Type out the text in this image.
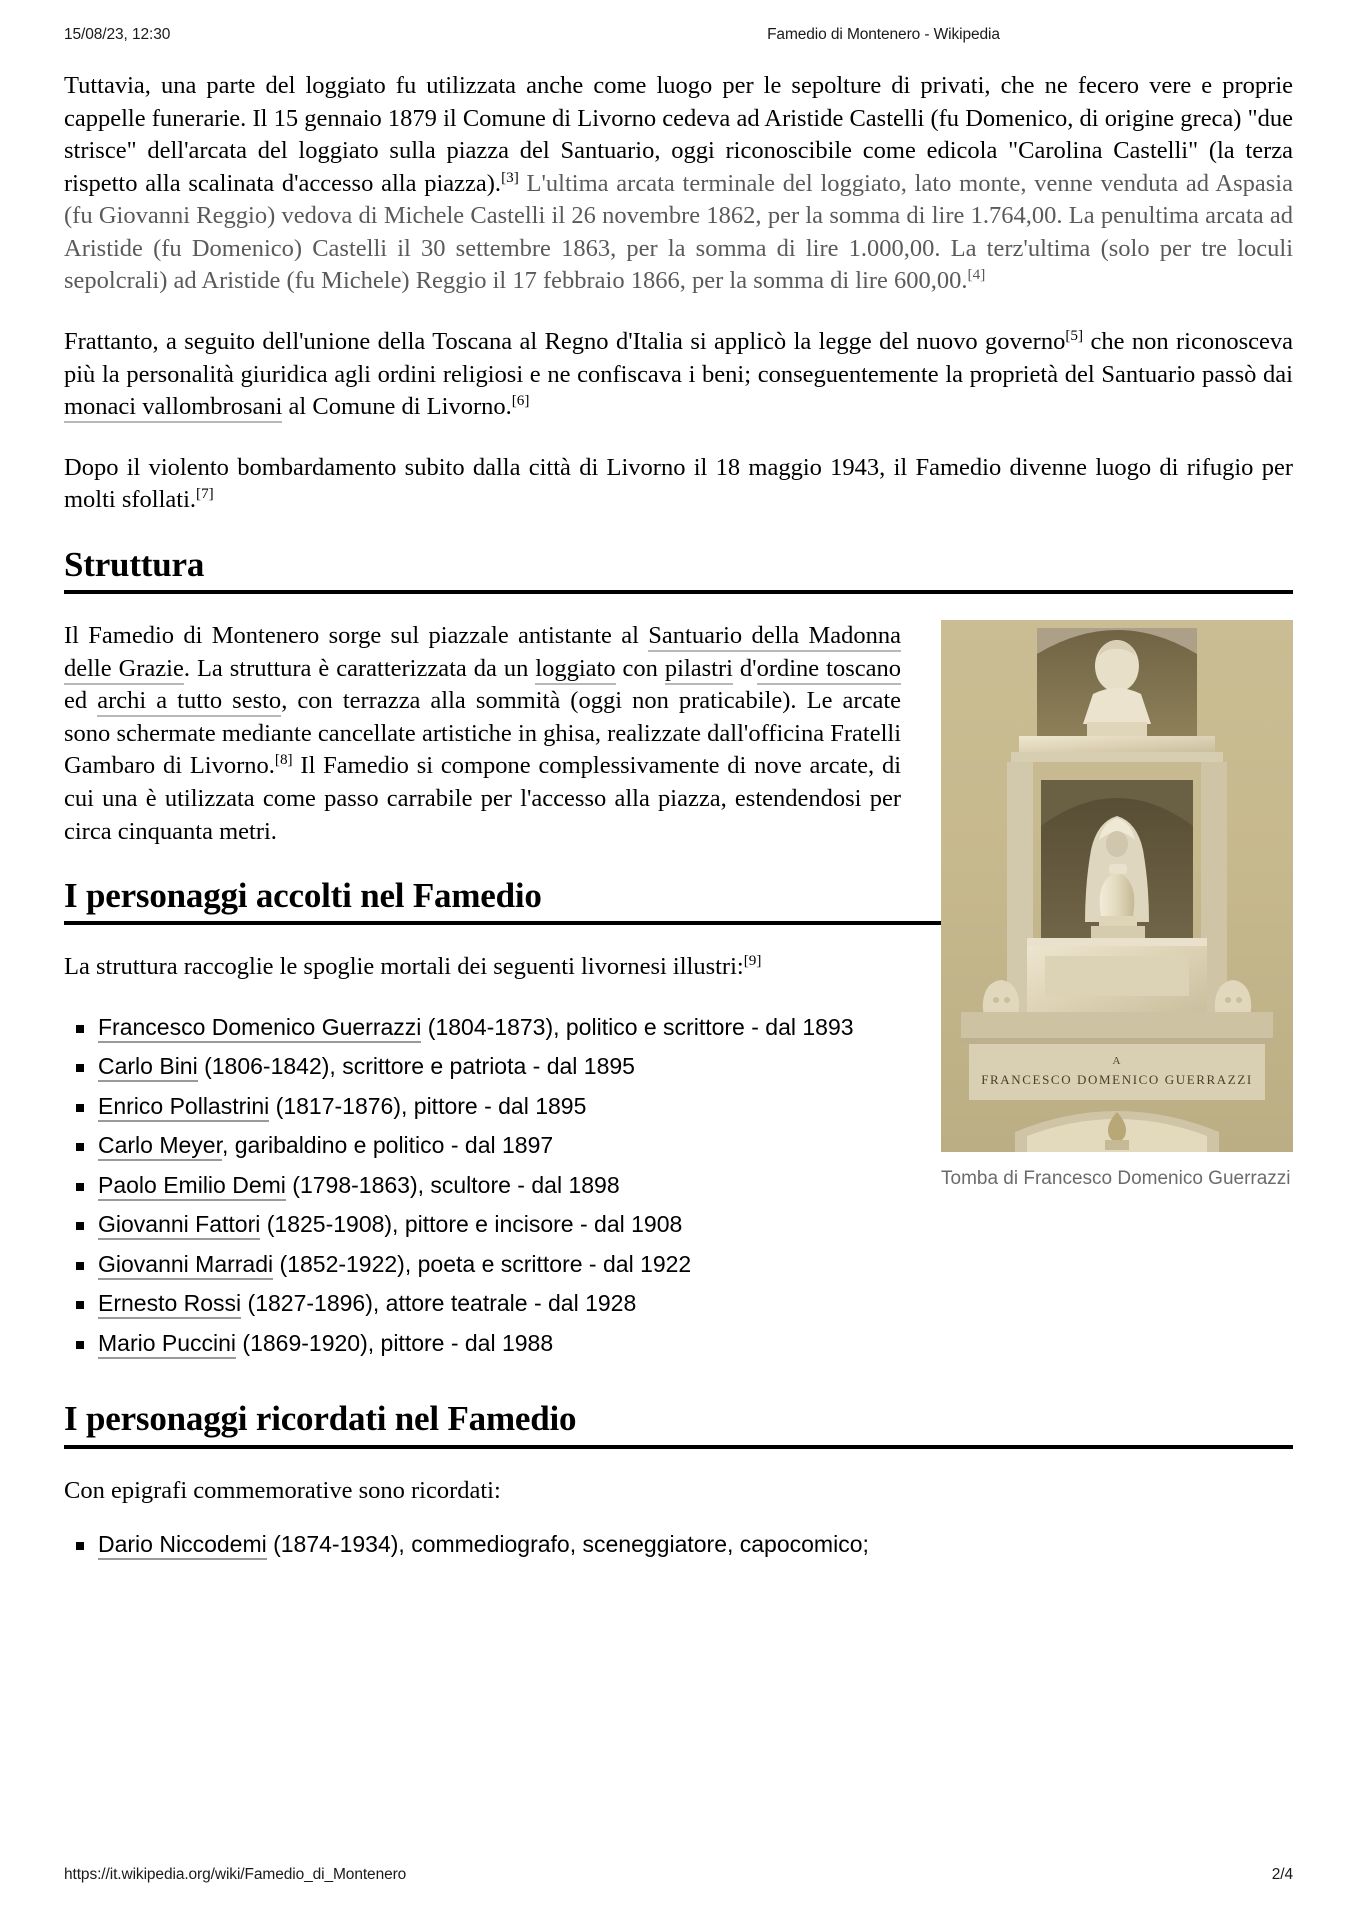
15/08/23, 12:30	Famedio di Montenero - Wikipedia

Tuttavia, una parte del loggiato fu utilizzata anche come luogo per le sepolture di privati, che ne fecero vere e proprie cappelle funerarie. Il 15 gennaio 1879 il Comune di Livorno cedeva ad Aristide Castelli (fu Domenico, di origine greca) "due strisce" dell'arcata del loggiato sulla piazza del Santuario, oggi riconoscibile come edicola "Carolina Castelli" (la terza rispetto alla scalinata d'accesso alla piazza).[3] L'ultima arcata terminale del loggiato, lato monte, venne venduta ad Aspasia (fu Giovanni Reggio) vedova di Michele Castelli il 26 novembre 1862, per la somma di lire 1.764,00. La penultima arcata ad Aristide (fu Domenico) Castelli il 30 settembre 1863, per la somma di lire 1.000,00. La terz'ultima (solo per tre loculi sepolcrali) ad Aristide (fu Michele) Reggio il 17 febbraio 1866, per la somma di lire 600,00.[4]

Frattanto, a seguito dell'unione della Toscana al Regno d'Italia si applicò la legge del nuovo governo[5] che non riconosceva più la personalità giuridica agli ordini religiosi e ne confiscava i beni; conseguentemente la proprietà del Santuario passò dai monaci vallombrosani al Comune di Livorno.[6]

Dopo il violento bombardamento subito dalla città di Livorno il 18 maggio 1943, il Famedio divenne luogo di rifugio per molti sfollati.[7]

Struttura
A
FRANCESCO DOMENICO GUERRAZZI
Tomba di Francesco Domenico Guerrazzi

Il Famedio di Montenero sorge sul piazzale antistante al Santuario della Madonna delle Grazie. La struttura è caratterizzata da un loggiato con pilastri d'ordine toscano ed archi a tutto sesto, con terrazza alla sommità (oggi non praticabile). Le arcate sono schermate mediante cancellate artistiche in ghisa, realizzate dall'officina Fratelli Gambaro di Livorno.[8] Il Famedio si compone complessivamente di nove arcate, di cui una è utilizzata come passo carrabile per l'accesso alla piazza, estendendosi per circa cinquanta metri.

I personaggi accolti nel Famedio

La struttura raccoglie le spoglie mortali dei seguenti livornesi illustri:[9]

Francesco Domenico Guerrazzi (1804-1873), politico e scrittore - dal 1893
Carlo Bini (1806-1842), scrittore e patriota - dal 1895
Enrico Pollastrini (1817-1876), pittore - dal 1895
Carlo Meyer, garibaldino e politico - dal 1897
Paolo Emilio Demi (1798-1863), scultore - dal 1898
Giovanni Fattori (1825-1908), pittore e incisore - dal 1908
Giovanni Marradi (1852-1922), poeta e scrittore - dal 1922
Ernesto Rossi (1827-1896), attore teatrale - dal 1928
Mario Puccini (1869-1920), pittore - dal 1988
I personaggi ricordati nel Famedio

Con epigrafi commemorative sono ricordati:

Dario Niccodemi (1874-1934), commediografo, sceneggiatore, capocomico;
https://it.wikipedia.org/wiki/Famedio_di_Montenero	2/4
